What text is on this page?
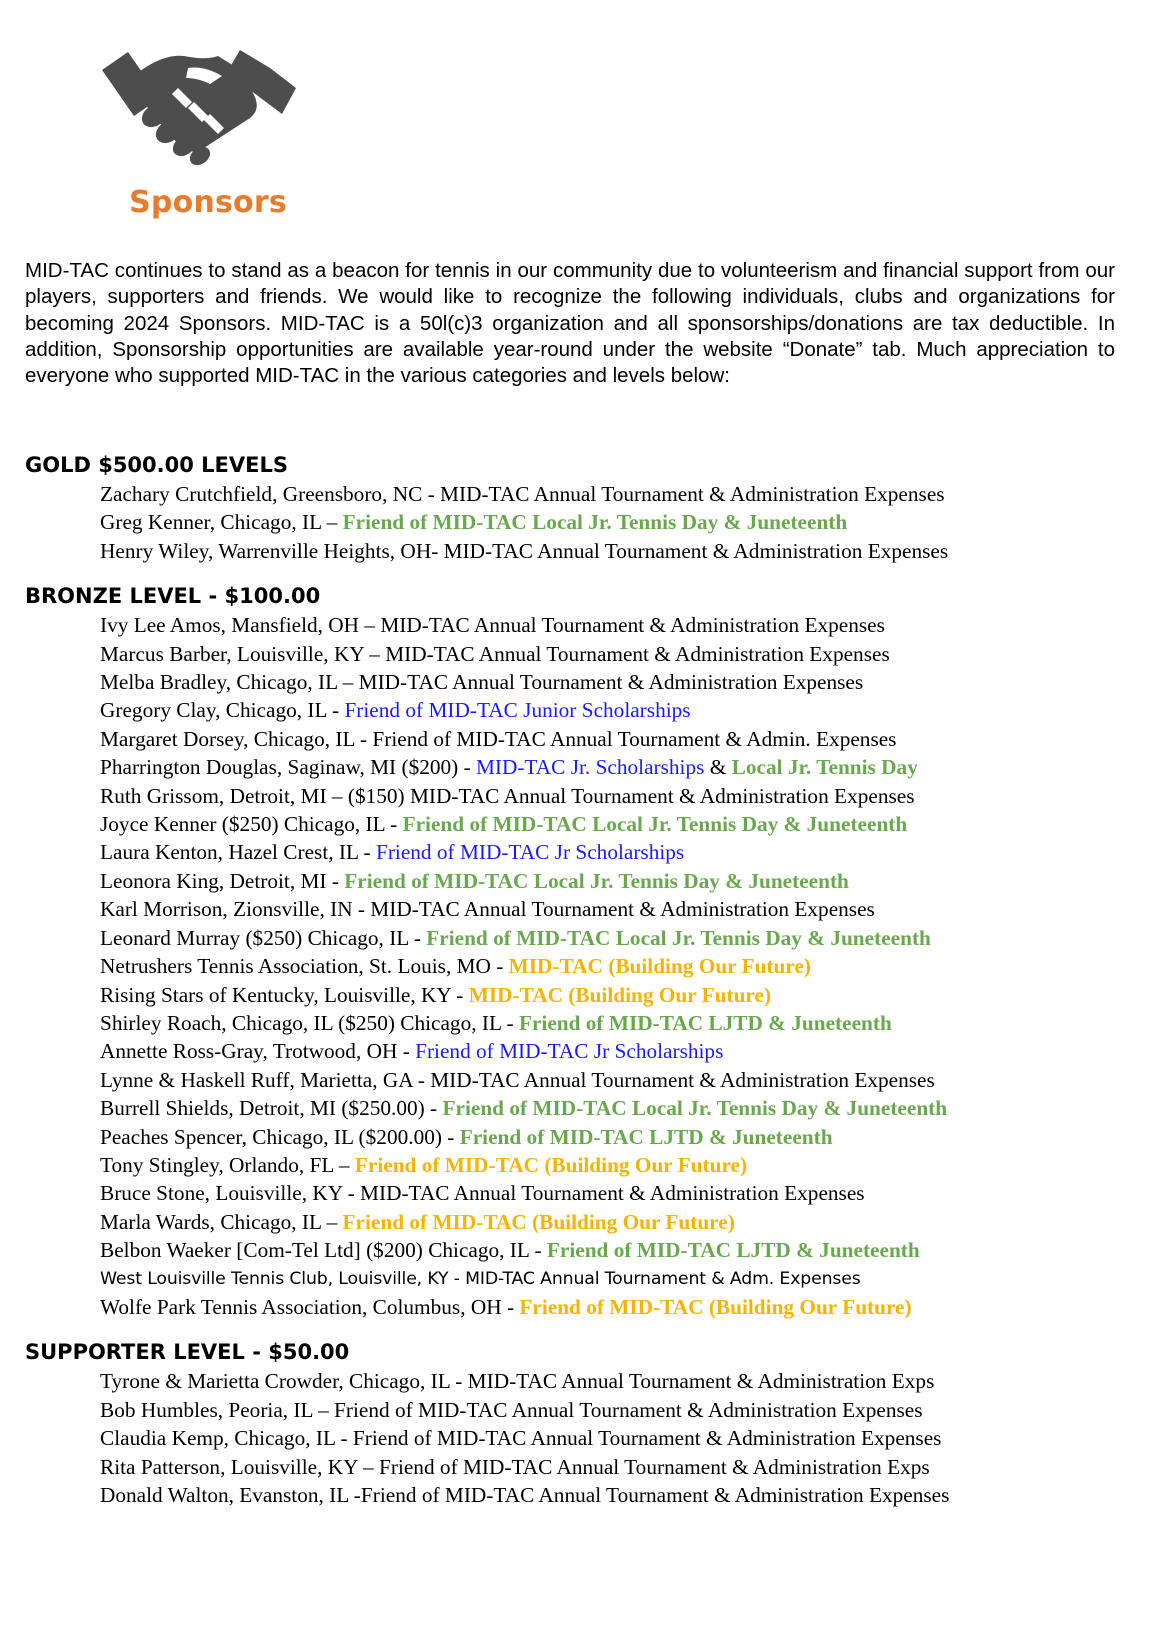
Sponsors

MID-TAC continues to stand as a beacon for tennis in our community due to volunteerism and financial support from our players, supporters and friends. We would like to recognize the following individuals, clubs and organizations for becoming 2024 Sponsors. MID-TAC is a 50l(c)3 organization and all sponsorships/donations are tax deductible. In addition, Sponsorship opportunities are available year-round under the website “Donate” tab. Much appreciation to everyone who supported MID-TAC in the various categories and levels below:

GOLD $500.00 LEVELS
Zachary Crutchfield, Greensboro, NC - MID-TAC Annual Tournament & Administration Expenses
Greg Kenner, Chicago, IL – Friend of MID-TAC Local Jr. Tennis Day & Juneteenth
Henry Wiley, Warrenville Heights, OH- MID-TAC Annual Tournament & Administration Expenses
BRONZE LEVEL - $100.00
Ivy Lee Amos, Mansfield, OH – MID-TAC Annual Tournament & Administration Expenses
Marcus Barber, Louisville, KY – MID-TAC Annual Tournament & Administration Expenses
Melba Bradley, Chicago, IL – MID-TAC Annual Tournament & Administration Expenses
Gregory Clay, Chicago, IL - Friend of MID-TAC Junior Scholarships
Margaret Dorsey, Chicago, IL - Friend of MID-TAC Annual Tournament & Admin. Expenses
Pharrington Douglas, Saginaw, MI ($200) - MID-TAC Jr. Scholarships & Local Jr. Tennis Day
Ruth Grissom, Detroit, MI – ($150) MID-TAC Annual Tournament & Administration Expenses
Joyce Kenner ($250) Chicago, IL - Friend of MID-TAC Local Jr. Tennis Day & Juneteenth
Laura Kenton, Hazel Crest, IL - Friend of MID-TAC Jr Scholarships
Leonora King, Detroit, MI - Friend of MID-TAC Local Jr. Tennis Day & Juneteenth
Karl Morrison, Zionsville, IN - MID-TAC Annual Tournament & Administration Expenses
Leonard Murray ($250) Chicago, IL - Friend of MID-TAC Local Jr. Tennis Day & Juneteenth
Netrushers Tennis Association, St. Louis, MO - MID-TAC (Building Our Future)
Rising Stars of Kentucky, Louisville, KY - MID-TAC (Building Our Future)
Shirley Roach, Chicago, IL ($250) Chicago, IL - Friend of MID-TAC LJTD & Juneteenth
Annette Ross-Gray, Trotwood, OH - Friend of MID-TAC Jr Scholarships
Lynne & Haskell Ruff, Marietta, GA - MID-TAC Annual Tournament & Administration Expenses
Burrell Shields, Detroit, MI ($250.00) - Friend of MID-TAC Local Jr. Tennis Day & Juneteenth
Peaches Spencer, Chicago, IL ($200.00) - Friend of MID-TAC LJTD & Juneteenth
Tony Stingley, Orlando, FL – Friend of MID-TAC (Building Our Future)
Bruce Stone, Louisville, KY - MID-TAC Annual Tournament & Administration Expenses
Marla Wards, Chicago, IL – Friend of MID-TAC (Building Our Future)
Belbon Waeker [Com-Tel Ltd] ($200) Chicago, IL - Friend of MID-TAC LJTD & Juneteenth
West Louisville Tennis Club, Louisville, KY - MID-TAC Annual Tournament & Adm. Expenses
Wolfe Park Tennis Association, Columbus, OH - Friend of MID-TAC (Building Our Future)
SUPPORTER LEVEL - $50.00
Tyrone & Marietta Crowder, Chicago, IL - MID-TAC Annual Tournament & Administration Exps
Bob Humbles, Peoria, IL – Friend of MID-TAC Annual Tournament & Administration Expenses
Claudia Kemp, Chicago, IL - Friend of MID-TAC Annual Tournament & Administration Expenses
Rita Patterson, Louisville, KY – Friend of MID-TAC Annual Tournament & Administration Exps
Donald Walton, Evanston, IL -Friend of MID-TAC Annual Tournament & Administration Expenses
